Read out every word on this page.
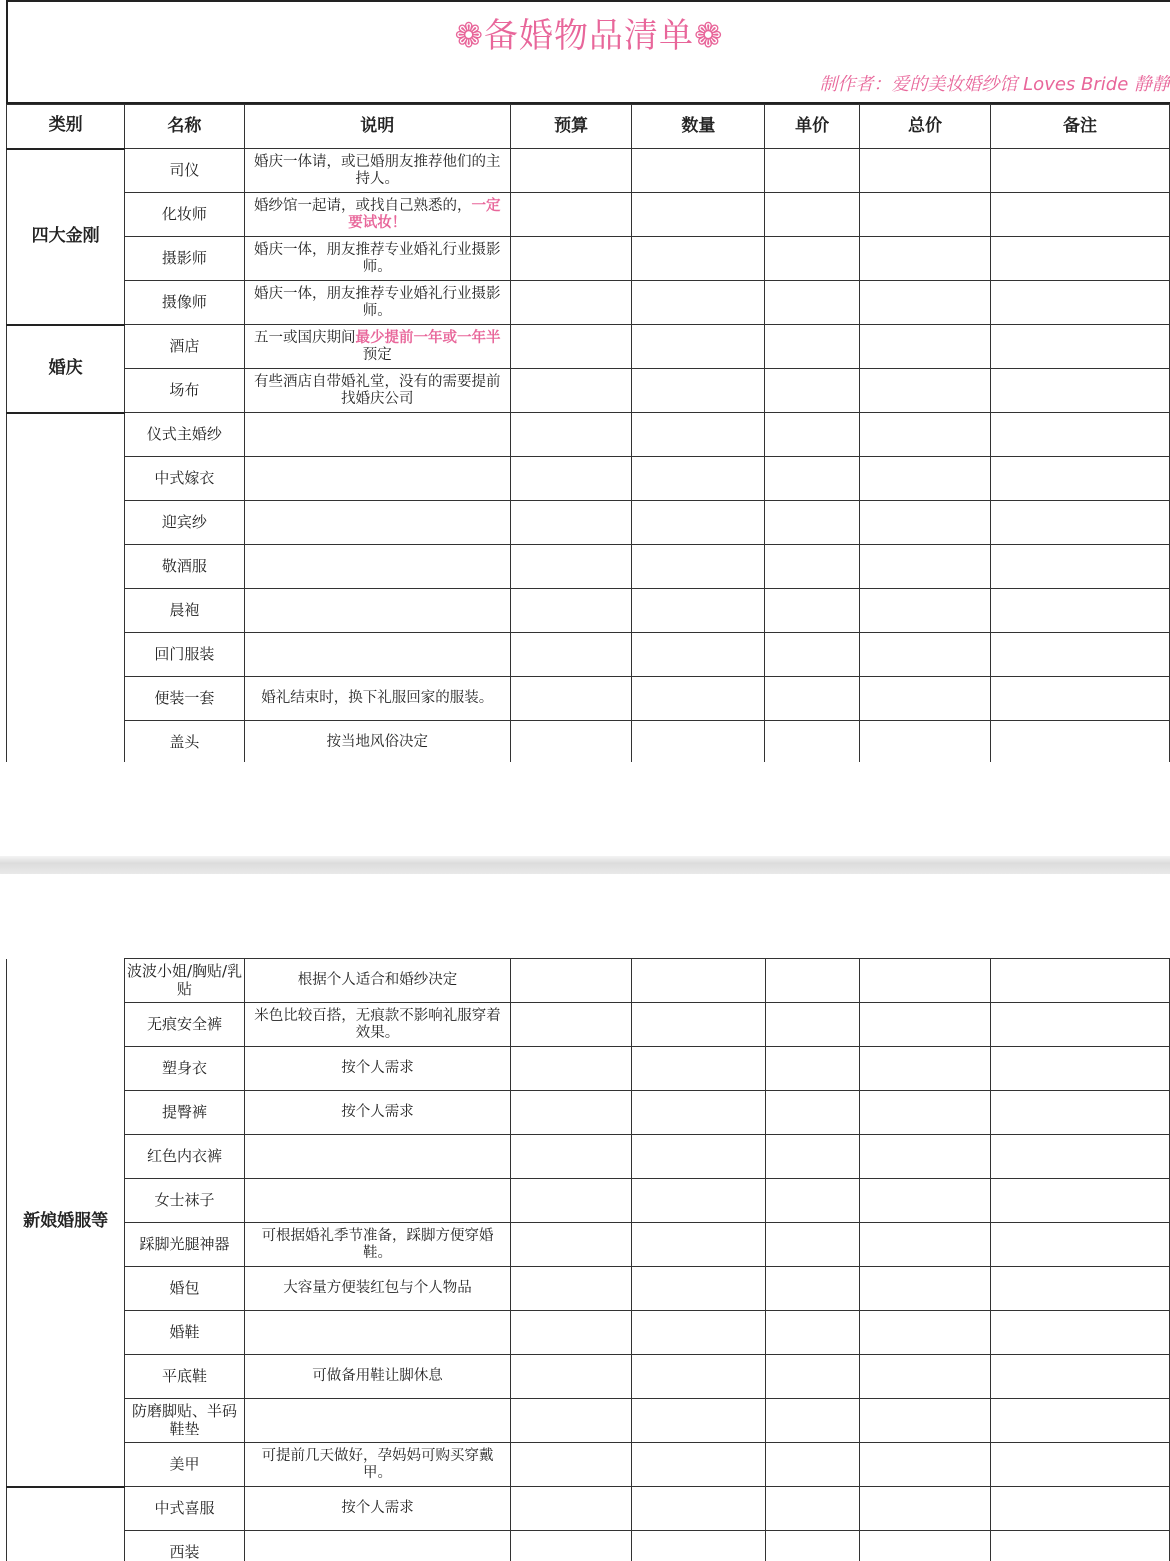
❁备婚物品清单❁
制作者：爱的美妆婚纱馆 Loves Bride 静静
类别	名称	说明	预算	数量	单价	总价	备注
四大金刚	司仪	婚庆一体请，或已婚朋友推荐他们的主持人。					
	化妆师	婚纱馆一起请，或找自己熟悉的，一定要试妆！					
	摄影师	婚庆一体，朋友推荐专业婚礼行业摄影师。					
	摄像师	婚庆一体，朋友推荐专业婚礼行业摄影师。					
婚庆	酒店	五一或国庆期间最少提前一年或一年半预定					
	场布	有些酒店自带婚礼堂，没有的需要提前找婚庆公司					
	仪式主婚纱						
	中式嫁衣						
	迎宾纱						
	敬酒服						
	晨袍						
	回门服装						
	便装一套	婚礼结束时，换下礼服回家的服装。					
	盖头	按当地风俗决定					
新娘婚服等	波波小姐/胸贴/乳贴	根据个人适合和婚纱决定					
	无痕安全裤	米色比较百搭，无痕款不影响礼服穿着效果。					
	塑身衣	按个人需求					
	提臀裤	按个人需求					
	红色内衣裤						
	女士袜子						
	踩脚光腿神器	可根据婚礼季节准备，踩脚方便穿婚鞋。					
	婚包	大容量方便装红包与个人物品					
	婚鞋						
	平底鞋	可做备用鞋让脚休息					
	防磨脚贴、半码鞋垫						
	美甲	可提前几天做好，孕妈妈可购买穿戴甲。					
	中式喜服	按个人需求					
	西装						
